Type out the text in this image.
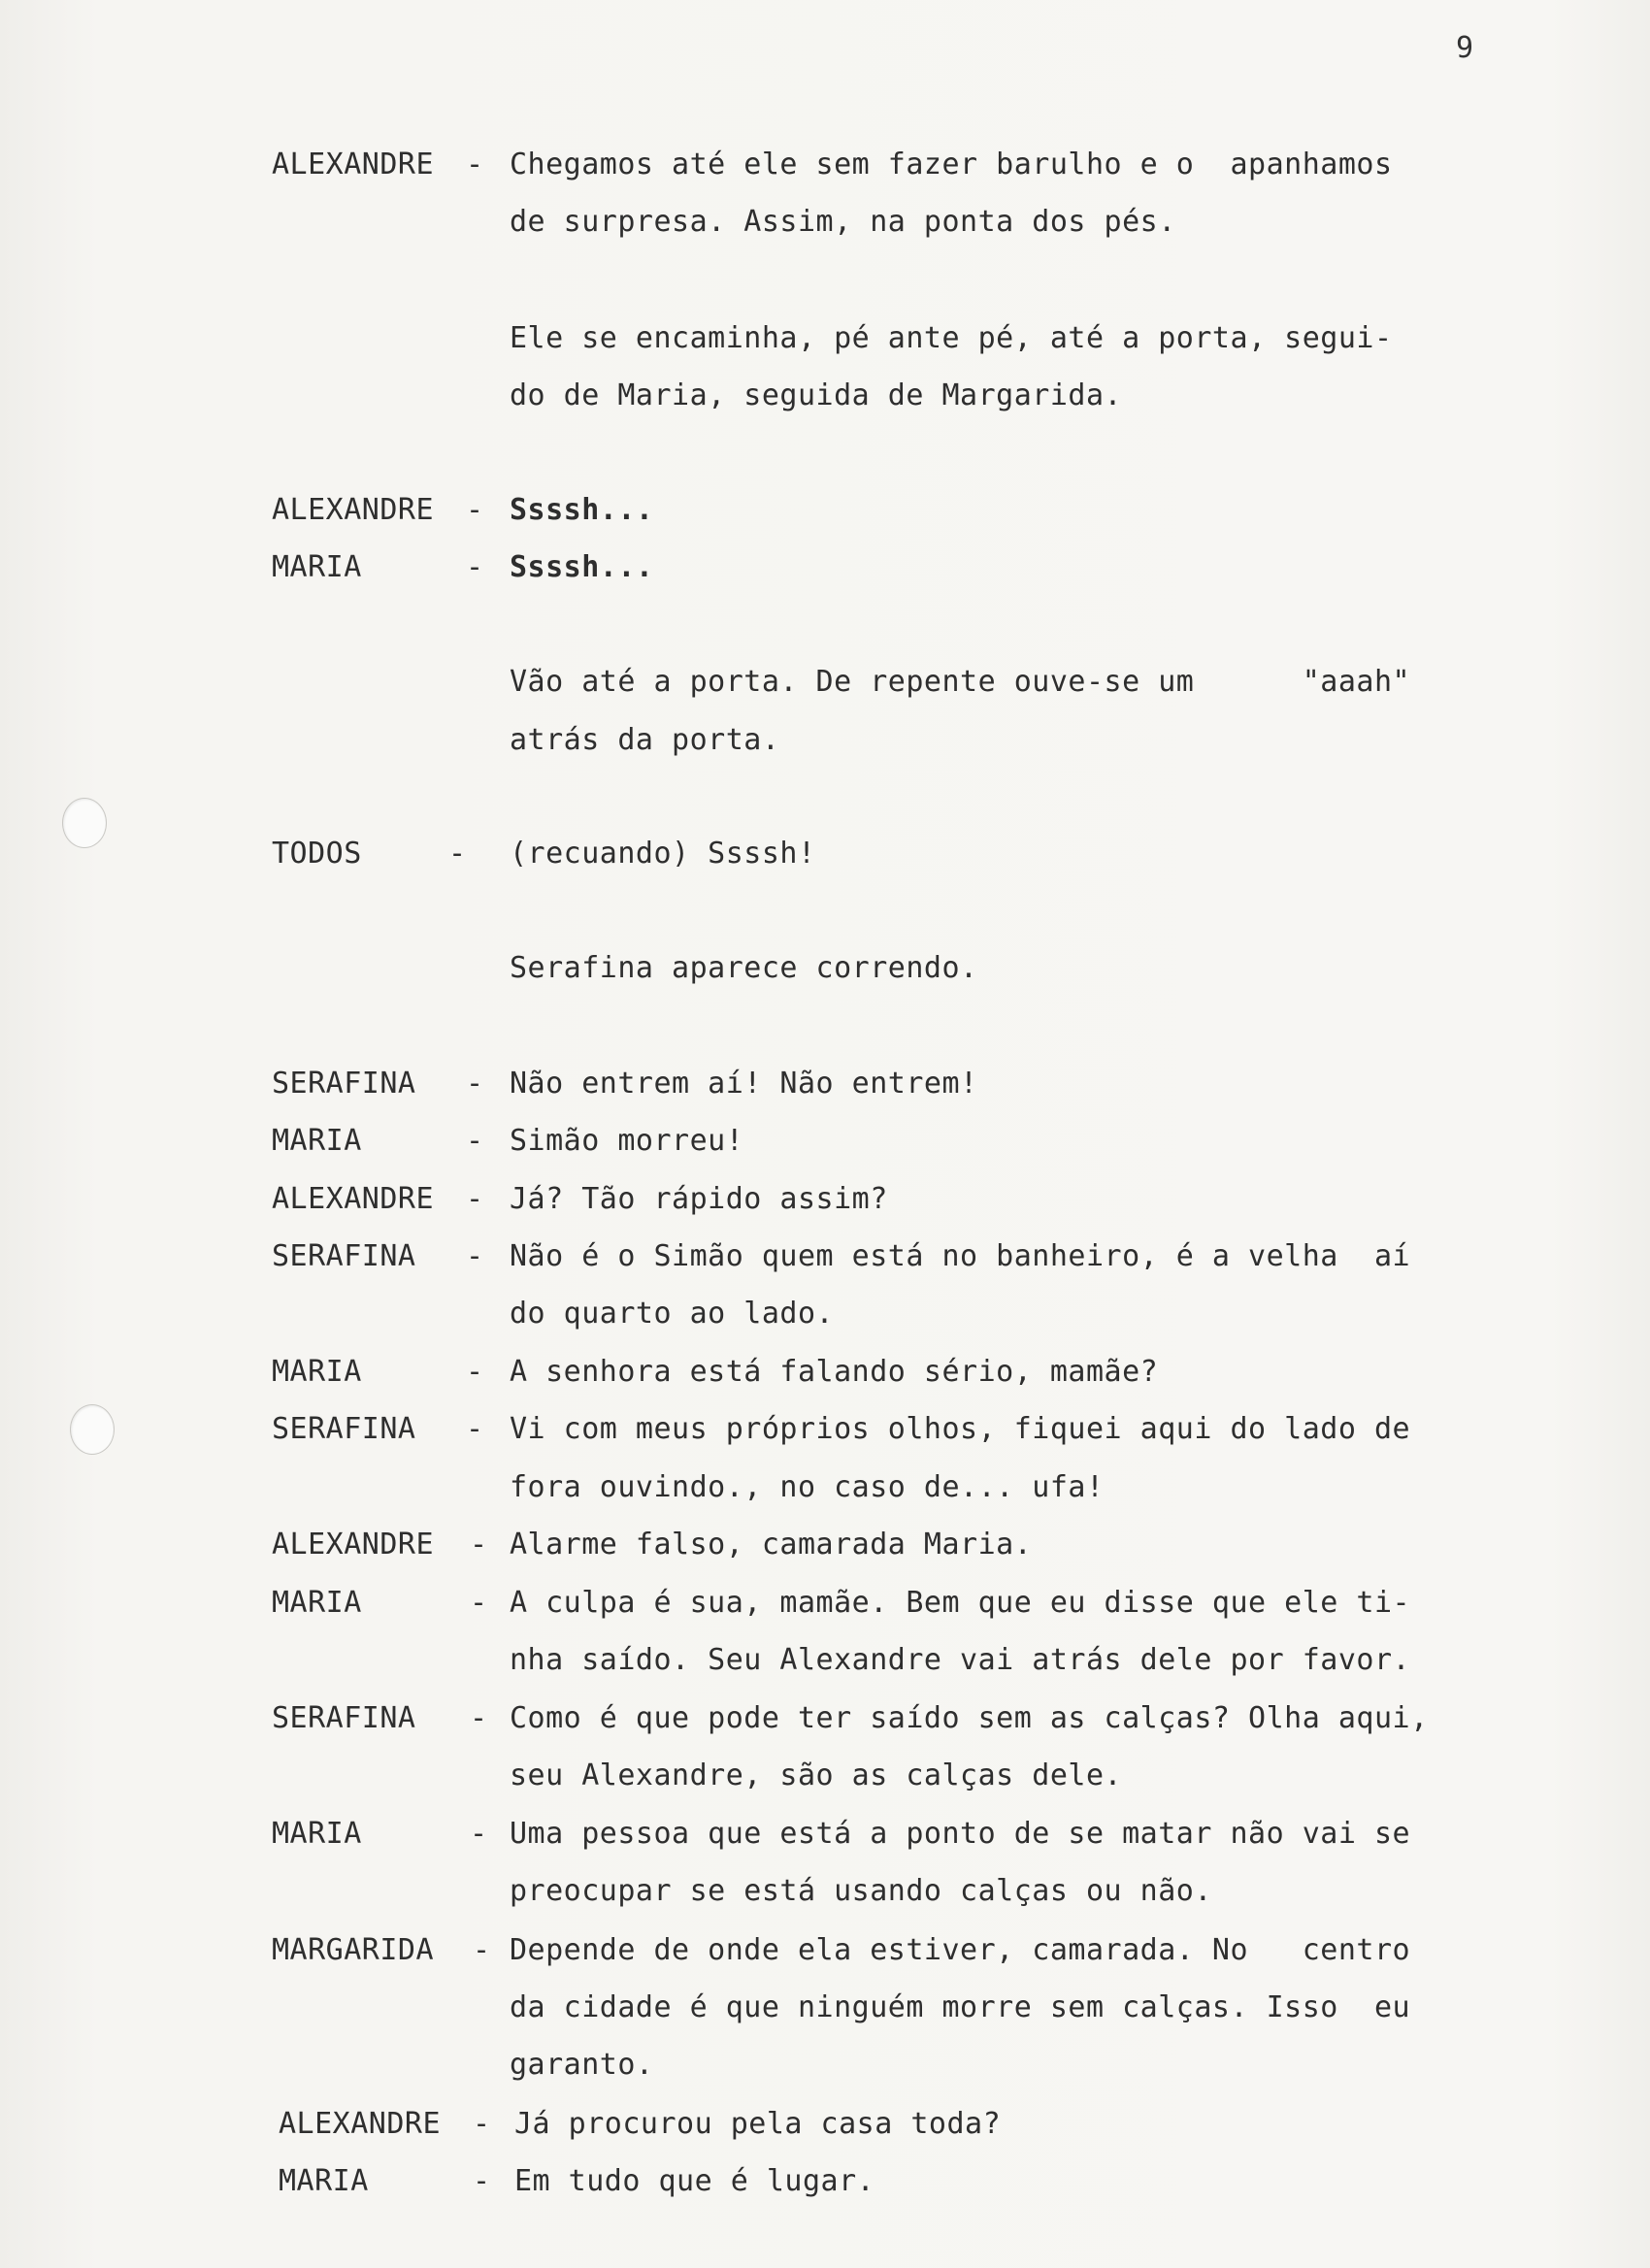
9
ALEXANDRE - Chegamos até ele sem fazer barulho e o  apanhamos
de surpresa. Assim, na ponta dos pés.
Ele se encaminha, pé ante pé, até a porta, segui-
do de Maria, seguida de Margarida.
ALEXANDRE - Ssssh...
MARIA	- Ssssh...
Vão até a porta. De repente ouve-se um      "aaah"
atrás da porta.
TODOS	- (recuando) Ssssh!
Serafina aparece correndo.
SERAFINA - Não entrem aí! Não entrem!
MARIA	- Simão morreu!
ALEXANDRE - Já? Tão rápido assim?
SERAFINA - Não é o Simão quem está no banheiro, é a velha  aí
do quarto ao lado.
MARIA	- A senhora está falando sério, mamãe?
SERAFINA - Vi com meus próprios olhos, fiquei aqui do lado de
fora ouvindo., no caso de... ufa!
ALEXANDRE - Alarme falso, camarada Maria.
MARIA	- A culpa é sua, mamãe. Bem que eu disse que ele ti-
nha saído. Seu Alexandre vai atrás dele por favor.
SERAFINA - Como é que pode ter saído sem as calças? Olha aqui,
seu Alexandre, são as calças dele.
MARIA	- Uma pessoa que está a ponto de se matar não vai se
preocupar se está usando calças ou não.
MARGARIDA - Depende de onde ela estiver, camarada. No   centro
da cidade é que ninguém morre sem calças. Isso  eu
garanto.
ALEXANDRE - Já procurou pela casa toda?
MARIA	- Em tudo que é lugar.
